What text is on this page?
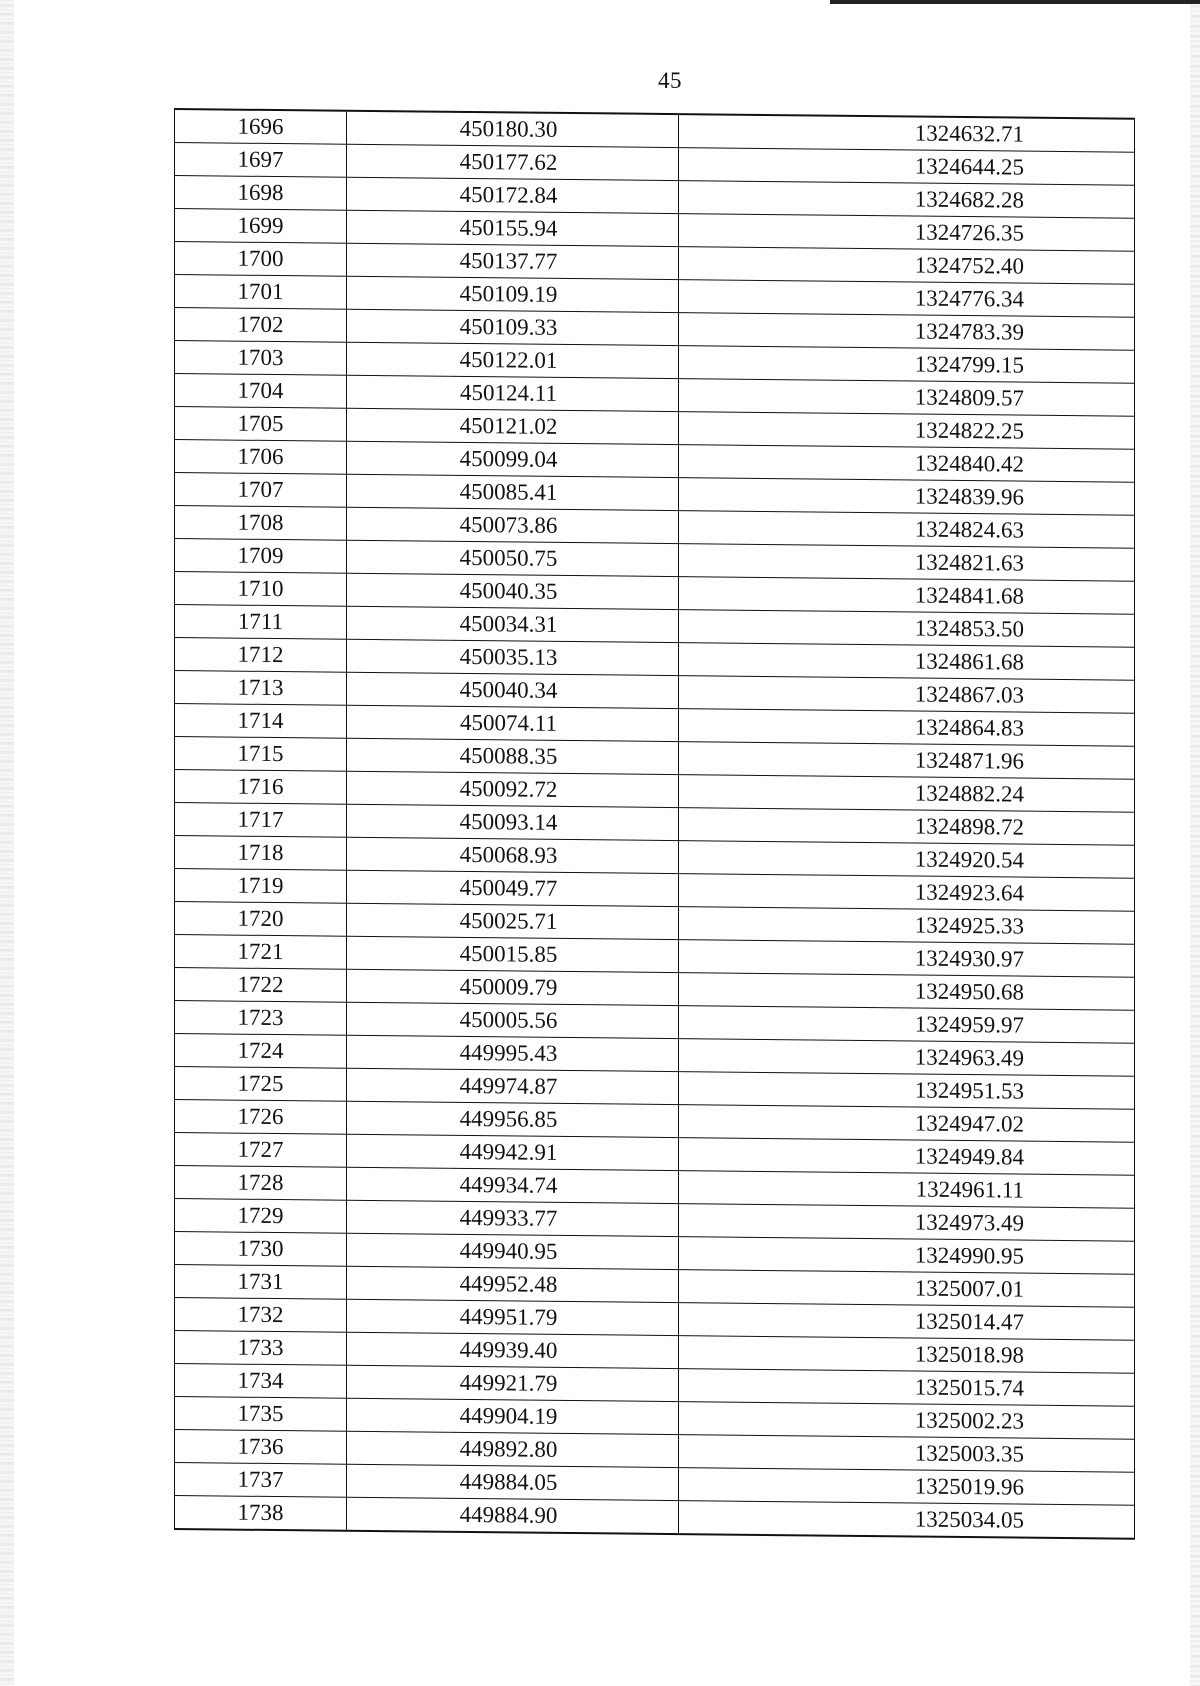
45
1696	450180.30	1324632.71
1697	450177.62	1324644.25
1698	450172.84	1324682.28
1699	450155.94	1324726.35
1700	450137.77	1324752.40
1701	450109.19	1324776.34
1702	450109.33	1324783.39
1703	450122.01	1324799.15
1704	450124.11	1324809.57
1705	450121.02	1324822.25
1706	450099.04	1324840.42
1707	450085.41	1324839.96
1708	450073.86	1324824.63
1709	450050.75	1324821.63
1710	450040.35	1324841.68
1711	450034.31	1324853.50
1712	450035.13	1324861.68
1713	450040.34	1324867.03
1714	450074.11	1324864.83
1715	450088.35	1324871.96
1716	450092.72	1324882.24
1717	450093.14	1324898.72
1718	450068.93	1324920.54
1719	450049.77	1324923.64
1720	450025.71	1324925.33
1721	450015.85	1324930.97
1722	450009.79	1324950.68
1723	450005.56	1324959.97
1724	449995.43	1324963.49
1725	449974.87	1324951.53
1726	449956.85	1324947.02
1727	449942.91	1324949.84
1728	449934.74	1324961.11
1729	449933.77	1324973.49
1730	449940.95	1324990.95
1731	449952.48	1325007.01
1732	449951.79	1325014.47
1733	449939.40	1325018.98
1734	449921.79	1325015.74
1735	449904.19	1325002.23
1736	449892.80	1325003.35
1737	449884.05	1325019.96
1738	449884.90	1325034.05
